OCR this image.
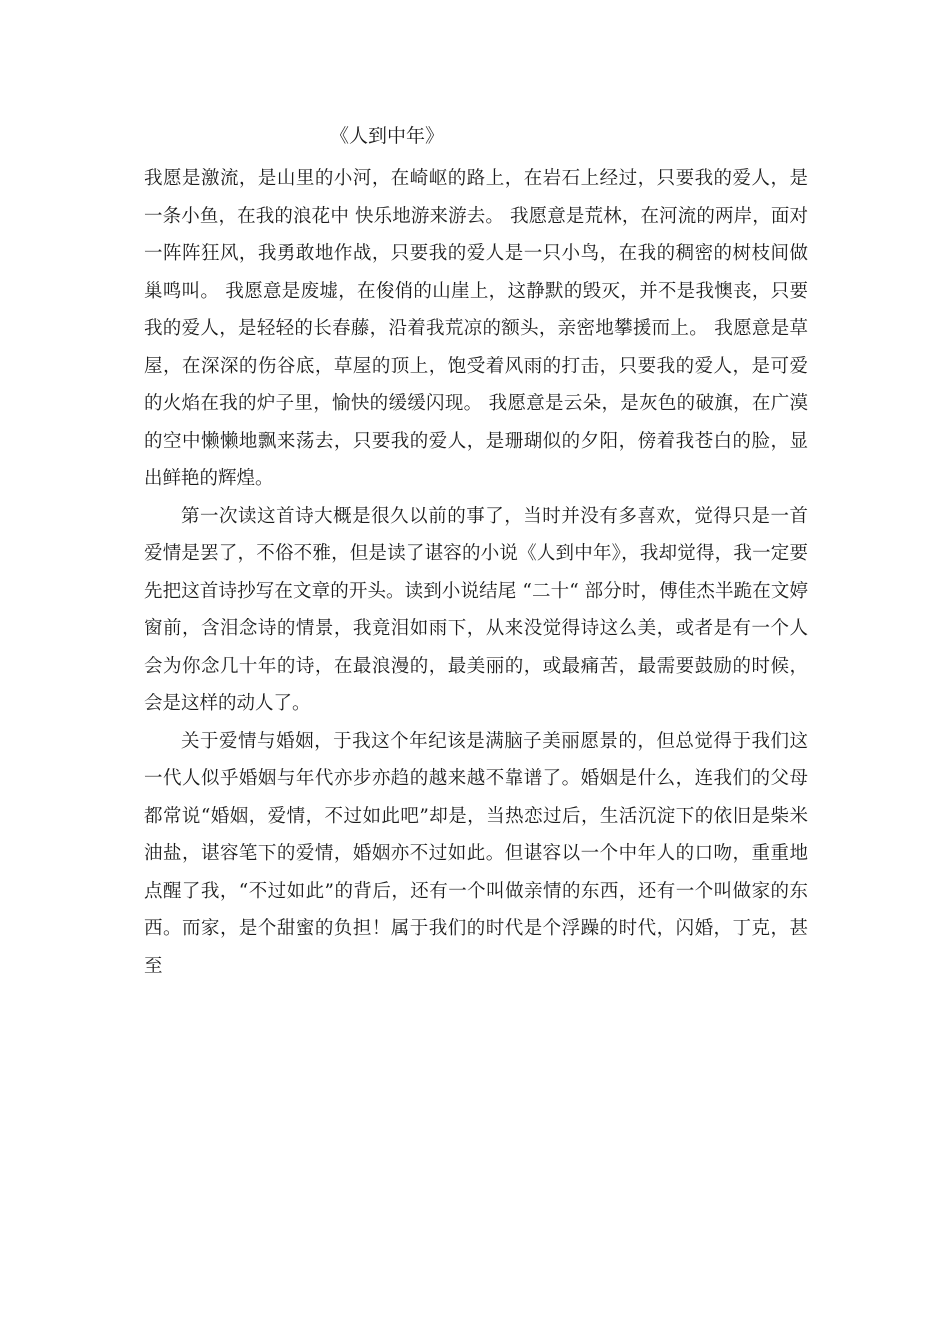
《人到中年》

我愿是激流，是山里的小河，在崎岖的路上，在岩石上经过，只要我的爱人，是一条小鱼，在我的浪花中 快乐地游来游去。 我愿意是荒林，在河流的两岸，面对一阵阵狂风，我勇敢地作战，只要我的爱人是一只小鸟，在我的稠密的树枝间做巢鸣叫。 我愿意是废墟，在俊俏的山崖上，这静默的毁灭，并不是我懊丧，只要我的爱人，是轻轻的长春藤，沿着我荒凉的额头，亲密地攀援而上。 我愿意是草屋，在深深的伤谷底，草屋的顶上，饱受着风雨的打击，只要我的爱人，是可爱的火焰在我的炉子里，愉快的缓缓闪现。 我愿意是云朵，是灰色的破旗，在广漠的空中懒懒地飘来荡去，只要我的爱人，是珊瑚似的夕阳，傍着我苍白的脸，显出鲜艳的辉煌。

第一次读这首诗大概是很久以前的事了，当时并没有多喜欢，觉得只是一首爱情是罢了，不俗不雅，但是读了谌容的小说《人到中年》，我却觉得，我一定要先把这首诗抄写在文章的开头。读到小说结尾 “二十“ 部分时，傅佳杰半跪在文婷窗前，含泪念诗的情景，我竟泪如雨下，从来没觉得诗这么美，或者是有一个人会为你念几十年的诗，在最浪漫的，最美丽的，或最痛苦，最需要鼓励的时候，会是这样的动人了。

关于爱情与婚姻，于我这个年纪该是满脑子美丽愿景的，但总觉得于我们这一代人似乎婚姻与年代亦步亦趋的越来越不靠谱了。婚姻是什么，连我们的父母都常说“婚姻，爱情，不过如此吧”却是，当热恋过后，生活沉淀下的依旧是柴米油盐，谌容笔下的爱情，婚姻亦不过如此。但谌容以一个中年人的口吻，重重地点醒了我，“不过如此”的背后，还有一个叫做亲情的东西，还有一个叫做家的东西。而家，是个甜蜜的负担！属于我们的时代是个浮躁的时代，闪婚，丁克，甚至
